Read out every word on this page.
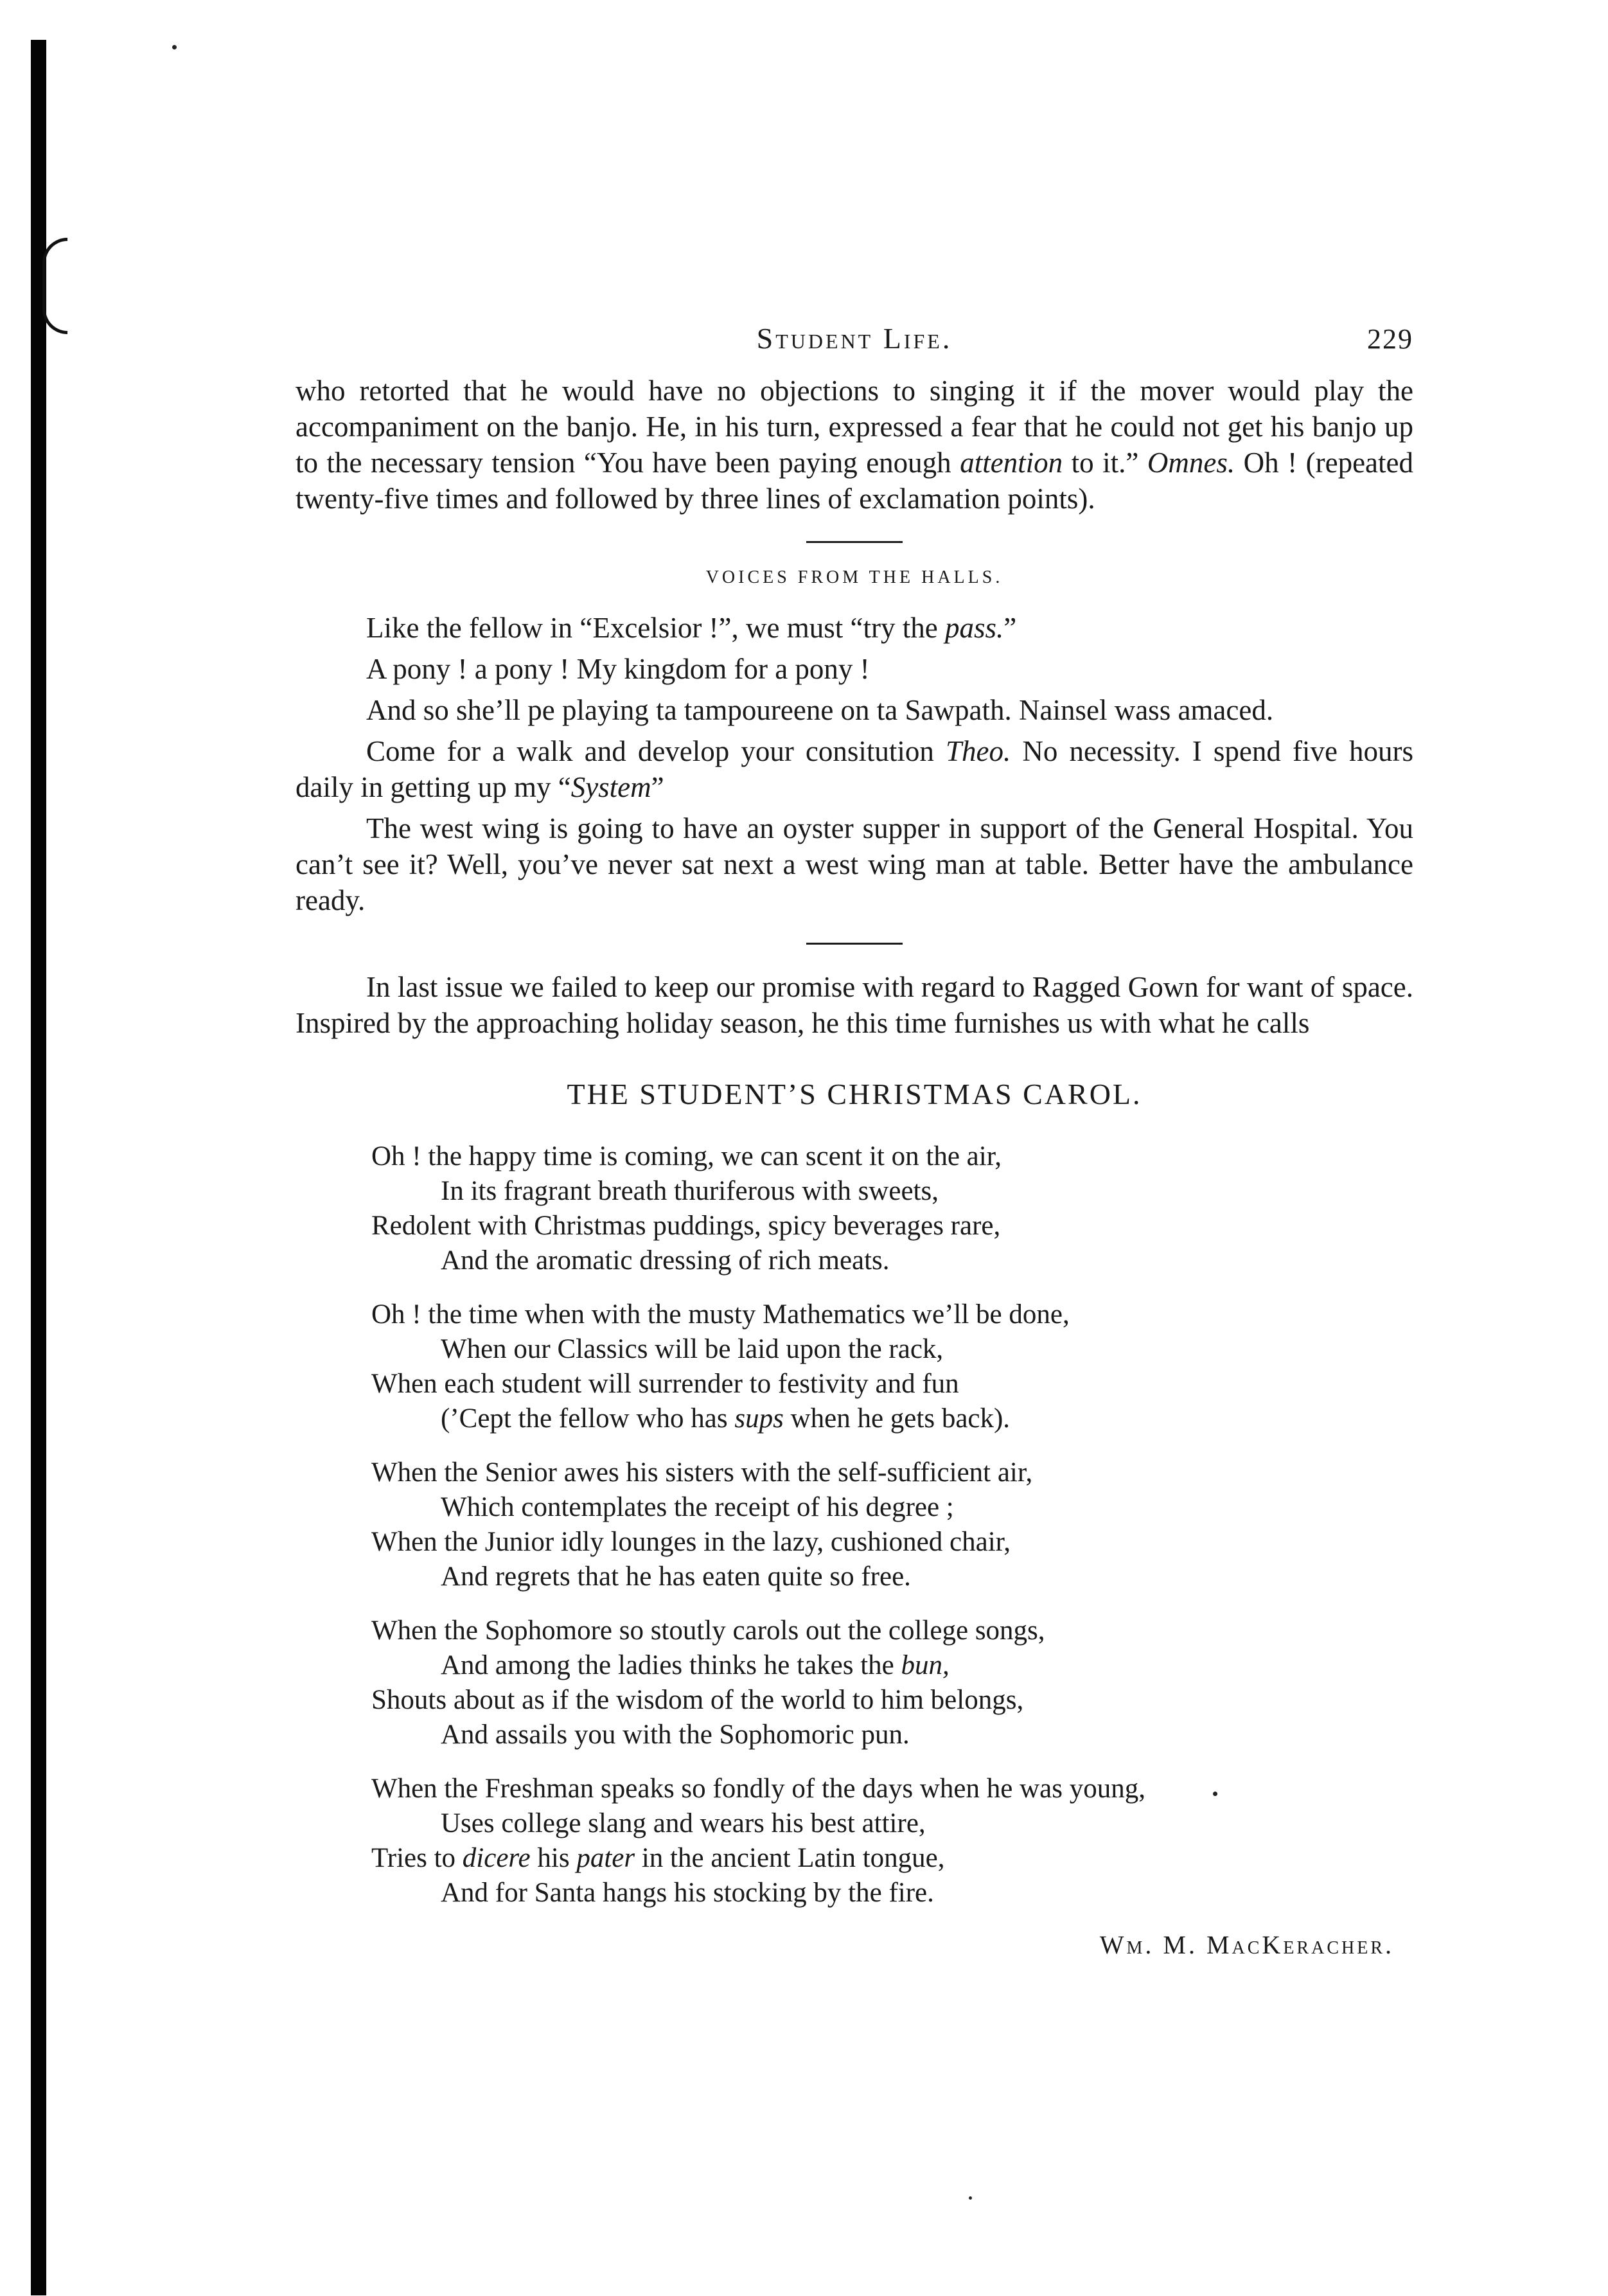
Student Life.	229

who retorted that he would have no objections to singing it if the mover would play the accompaniment on the banjo. He, in his turn, expressed a fear that he could not get his banjo up to the necessary tension “You have been paying enough attention to it.” Omnes. Oh ! (repeated twenty-five times and followed by three lines of exclamation points).

VOICES FROM THE HALLS.

Like the fellow in “Excelsior !”, we must “try the pass.”

A pony ! a pony ! My kingdom for a pony !

And so she’ll pe playing ta tampoureene on ta Sawpath. Nainsel wass amaced.

Come for a walk and develop your consitution Theo. No necessity. I spend five hours daily in getting up my “System”

The west wing is going to have an oyster supper in support of the General Hospital. You can’t see it? Well, you’ve never sat next a west wing man at table. Better have the ambulance ready.

In last issue we failed to keep our promise with regard to Ragged Gown for want of space. Inspired by the approaching holiday season, he this time furnishes us with what he calls

THE STUDENT’S CHRISTMAS CAROL.
Oh ! the happy time is coming, we can scent it on the air,
In its fragrant breath thuriferous with sweets,
Redolent with Christmas puddings, spicy beverages rare,
And the aromatic dressing of rich meats.
Oh ! the time when with the musty Mathematics we’ll be done,
When our Classics will be laid upon the rack,
When each student will surrender to festivity and fun
(’Cept the fellow who has sups when he gets back).
When the Senior awes his sisters with the self-sufficient air,
Which contemplates the receipt of his degree ;
When the Junior idly lounges in the lazy, cushioned chair,
And regrets that he has eaten quite so free.
When the Sophomore so stoutly carols out the college songs,
And among the ladies thinks he takes the bun,
Shouts about as if the wisdom of the world to him belongs,
And assails you with the Sophomoric pun.
When the Freshman speaks so fondly of the days when he was young,
Uses college slang and wears his best attire,
Tries to dicere his pater in the ancient Latin tongue,
And for Santa hangs his stocking by the fire.
Wm. M. MacKeracher.
